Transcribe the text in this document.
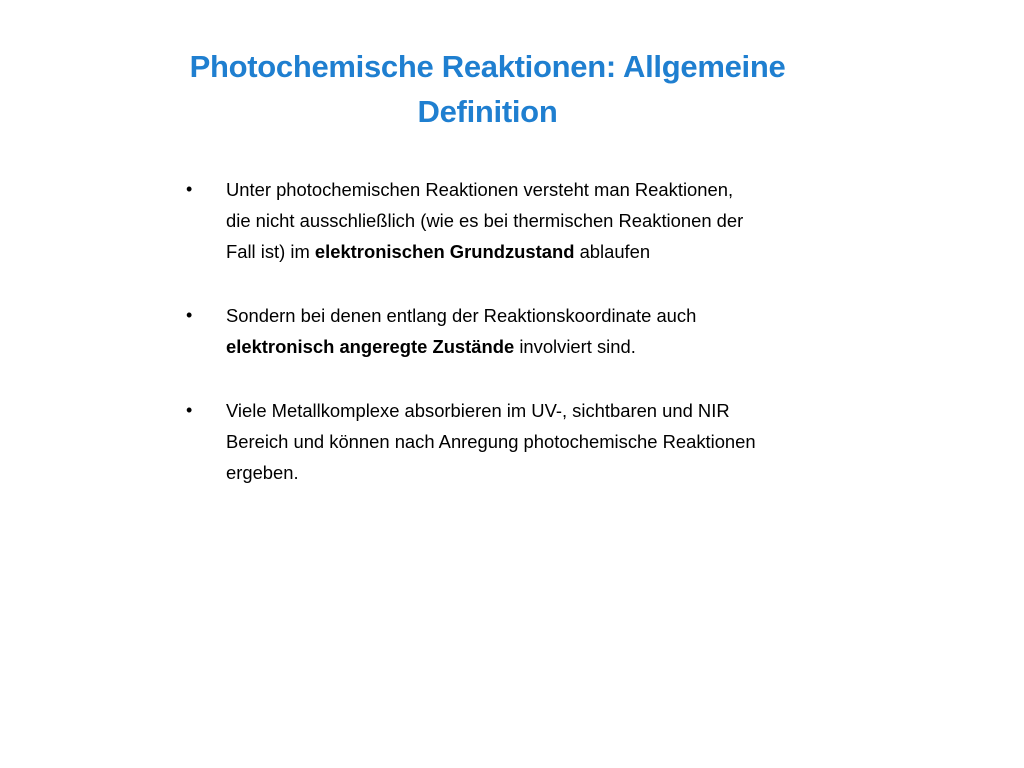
Photochemische Reaktionen: Allgemeine Definition
•	Unter photochemischen Reaktionen versteht man Reaktionen, die nicht ausschließlich (wie es bei thermischen Reaktionen der Fall ist) im elektronischen Grundzustand ablaufen
•	Sondern bei denen entlang der Reaktionskoordinate auch elektronisch angeregte Zustände involviert sind.
•	Viele Metallkomplexe absorbieren im UV-, sichtbaren und NIR Bereich und können nach Anregung photochemische Reaktionen ergeben.
